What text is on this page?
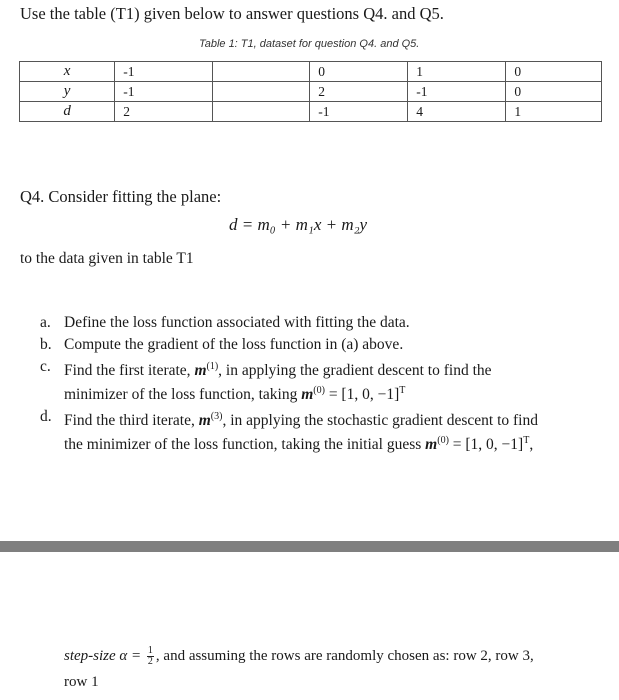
Use the table (T1) given below to answer questions Q4. and Q5.
Table 1: T1, dataset for question Q4. and Q5.
x	-1		0	1	0
y	-1		2	-1	0
d	2		-1	4	1
Q4. Consider fitting the plane:
d = m₀ + m₁x + m₂y
to the data given in table T1
a. Define the loss function associated with fitting the data.
b. Compute the gradient of the loss function in (a) above.
c. Find the first iterate, $m^{(1)}$, in applying the gradient descent to find the
minimizer of the loss function, taking $m^{(0)} = [1$, 0, −1]$^T$
d. Find the third iterate, $m^{(3)}$, in applying the stochastic gradient descent to find
the minimizer of the loss function, taking the initial guess $m^{(0)} = [1$, 0, −1]$^T$,
step-size $\alpha = \frac{1}{2}$ , and assuming the rows are randomly chosen as: row 2, row 3,
row 1
